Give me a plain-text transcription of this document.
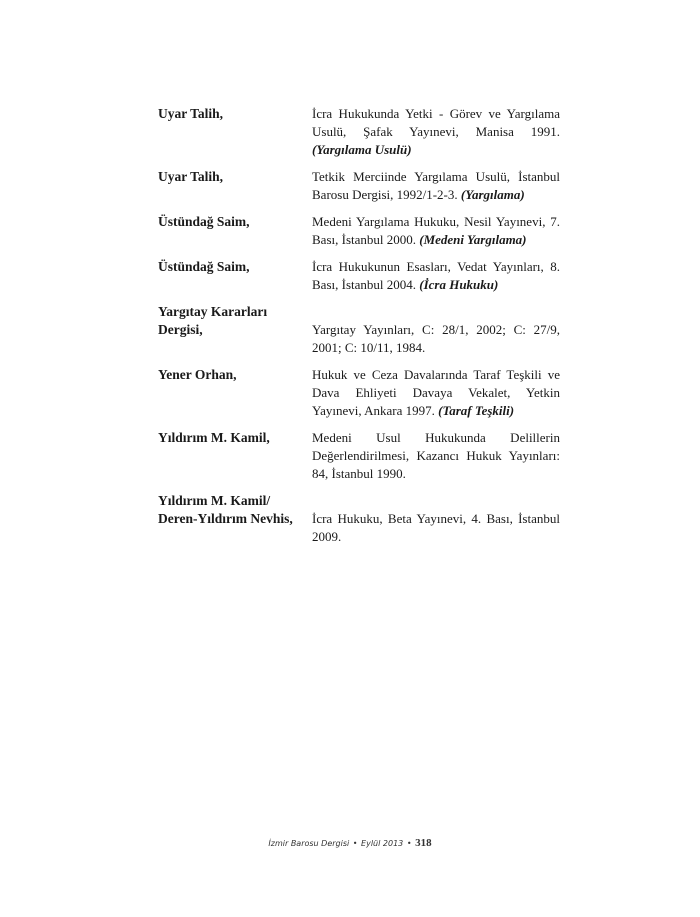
Uyar Talih,	İcra Hukukunda Yetki - Görev ve Yargılama Usulü, Şafak Yayınevi, Manisa 1991. (Yargılama Usulü)
Uyar Talih,	Tetkik Merciinde Yargılama Usulü, İstanbul Barosu Dergisi, 1992/1-2-3. (Yargılama)
Üstündağ Saim,	Medeni Yargılama Hukuku, Nesil Yayınevi, 7. Bası, İstanbul 2000. (Medeni Yargılama)
Üstündağ Saim,	İcra Hukukunun Esasları, Vedat Yayınları, 8. Bası, İstanbul 2004. (İcra Hukuku)
Yargıtay Kararları
Dergisi,	Yargıtay Yayınları, C: 28/1, 2002; C: 27/9, 2001; C: 10/11, 1984.
Yener Orhan,	Hukuk ve Ceza Davalarında Taraf Teşkili ve Dava Ehliyeti Davaya Vekalet, Yetkin Yayınevi, Ankara 1997. (Taraf Teşkili)
Yıldırım M. Kamil,	Medeni Usul Hukukunda Delillerin Değerlendirilmesi, Kazancı Hukuk Yayınları: 84, İstanbul 1990.
Yıldırım M. Kamil/
Deren-Yıldırım Nevhis,	İcra Hukuku, Beta Yayınevi, 4. Bası, İstanbul 2009.
İzmir Barosu Dergisi • Eylül 2013 • 318
